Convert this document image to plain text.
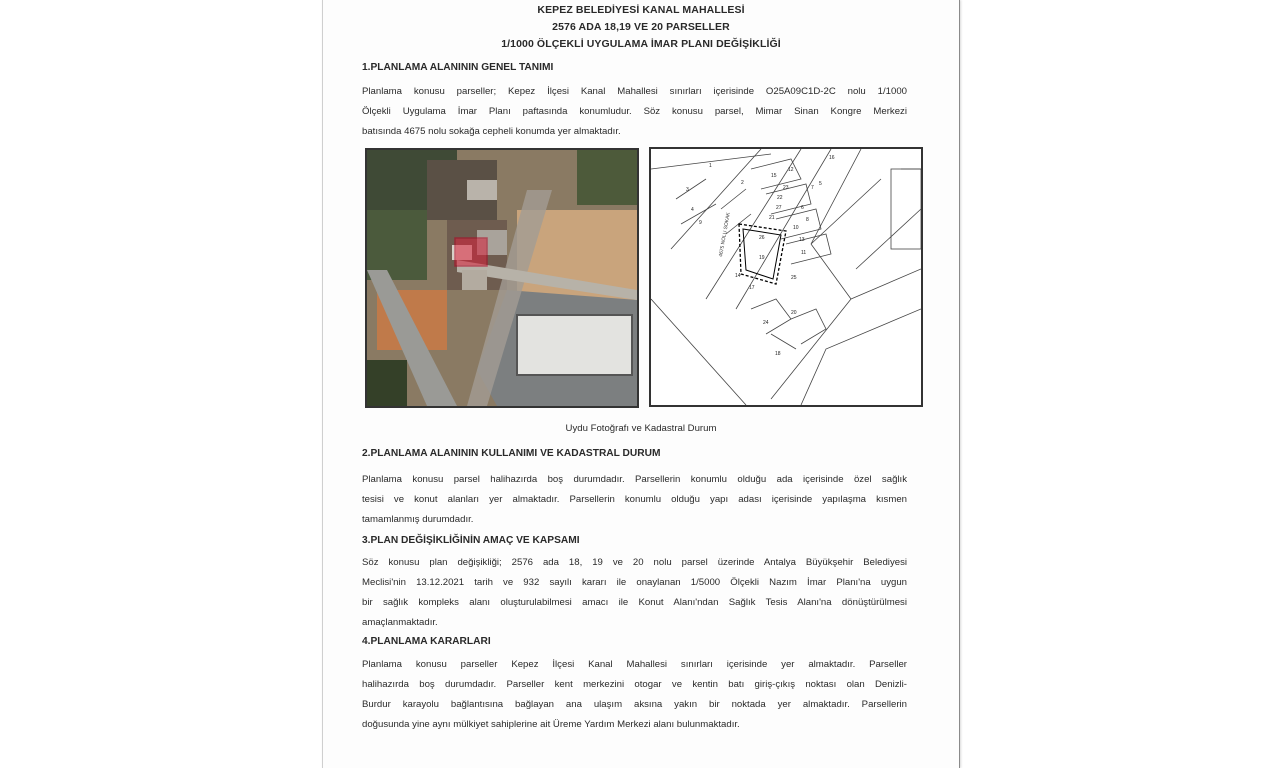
KEPEZ BELEDİYESİ KANAL MAHALLESİ
2576 ADA 18,19 VE 20 PARSELLER
1/1000 ÖLÇEKLİ UYGULAMA İMAR PLANI DEĞİŞİKLİĞİ
1.PLANLAMA ALANININ GENEL TANIMI
Planlama konusu parseller; Kepez İlçesi Kanal Mahallesi sınırları içerisinde O25A09C1D-2C nolu 1/1000
Ölçekli Uygulama İmar Planı paftasında konumludur. Söz konusu parsel, Mimar Sinan Kongre Merkezi
batısında 4675 nolu sokağa cepheli konumda yer almaktadır.
4675 NOLU SOKAK
1
2
3
4
5
6
7
8
9
10
11
12
13
14
15
16
17
18
19
20
21
22
23
24
25
26
27
Uydu Fotoğrafı ve Kadastral Durum
2.PLANLAMA ALANININ KULLANIMI VE KADASTRAL DURUM
Planlama konusu parsel halihazırda boş durumdadır. Parsellerin konumlu olduğu ada içerisinde özel sağlık
tesisi ve konut alanları yer almaktadır. Parsellerin konumlu olduğu yapı adası içerisinde yapılaşma kısmen
tamamlanmış durumdadır.
3.PLAN DEĞİŞİKLİĞİNİN AMAÇ VE KAPSAMI
Söz konusu plan değişikliği; 2576 ada 18, 19 ve 20 nolu parsel üzerinde Antalya Büyükşehir Belediyesi
Meclisi'nin 13.12.2021 tarih ve 932 sayılı kararı ile onaylanan 1/5000 Ölçekli Nazım İmar Planı'na uygun
bir sağlık kompleks alanı oluşturulabilmesi amacı ile Konut Alanı'ndan Sağlık Tesis Alanı'na dönüştürülmesi
amaçlanmaktadır.
4.PLANLAMA KARARLARI
Planlama konusu parseller Kepez İlçesi Kanal Mahallesi sınırları içerisinde yer almaktadır. Parseller
halihazırda boş durumdadır. Parseller kent merkezini otogar ve kentin batı giriş-çıkış noktası olan Denizli-
Burdur karayolu bağlantısına bağlayan ana ulaşım aksına yakın bir noktada yer almaktadır. Parsellerin
doğusunda yine aynı mülkiyet sahiplerine ait Üreme Yardım Merkezi alanı bulunmaktadır.
